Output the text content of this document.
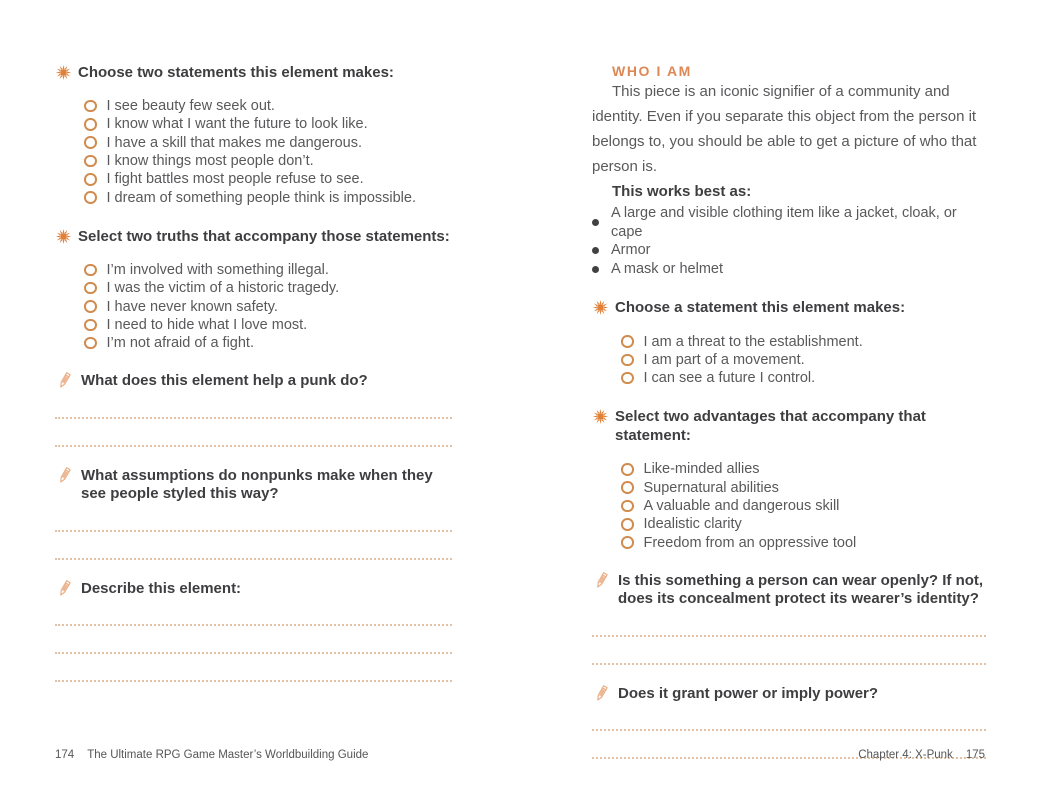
Choose two statements this element makes:
I see beauty few seek out.
I know what I want the future to look like.
I have a skill that makes me dangerous.
I know things most people don’t.
I fight battles most people refuse to see.
I dream of something people think is impossible.
Select two truths that accompany those statements:
I’m involved with something illegal.
I was the victim of a historic tragedy.
I have never known safety.
I need to hide what I love most.
I’m not afraid of a fight.
What does this element help a punk do?
What assumptions do nonpunks make when they see people styled this way?
Describe this element:
WHO I AM
This piece is an iconic signifier of a community and identity. Even if you separate this object from the person it belongs to, you should be able to get a picture of who that person is.
This works best as:
A large and visible clothing item like a jacket, cloak, or cape
Armor
A mask or helmet
Choose a statement this element makes:
I am a threat to the establishment.
I am part of a movement.
I can see a future I control.
Select two advantages that accompany that statement:
Like-minded allies
Supernatural abilities
A valuable and dangerous skill
Idealistic clarity
Freedom from an oppressive tool
Is this something a person can wear openly? If not, does its concealment protect its wearer’s identity?
Does it grant power or imply power?
174 The Ultimate RPG Game Master’s Worldbuilding Guide	Chapter 4: X-Punk 175
